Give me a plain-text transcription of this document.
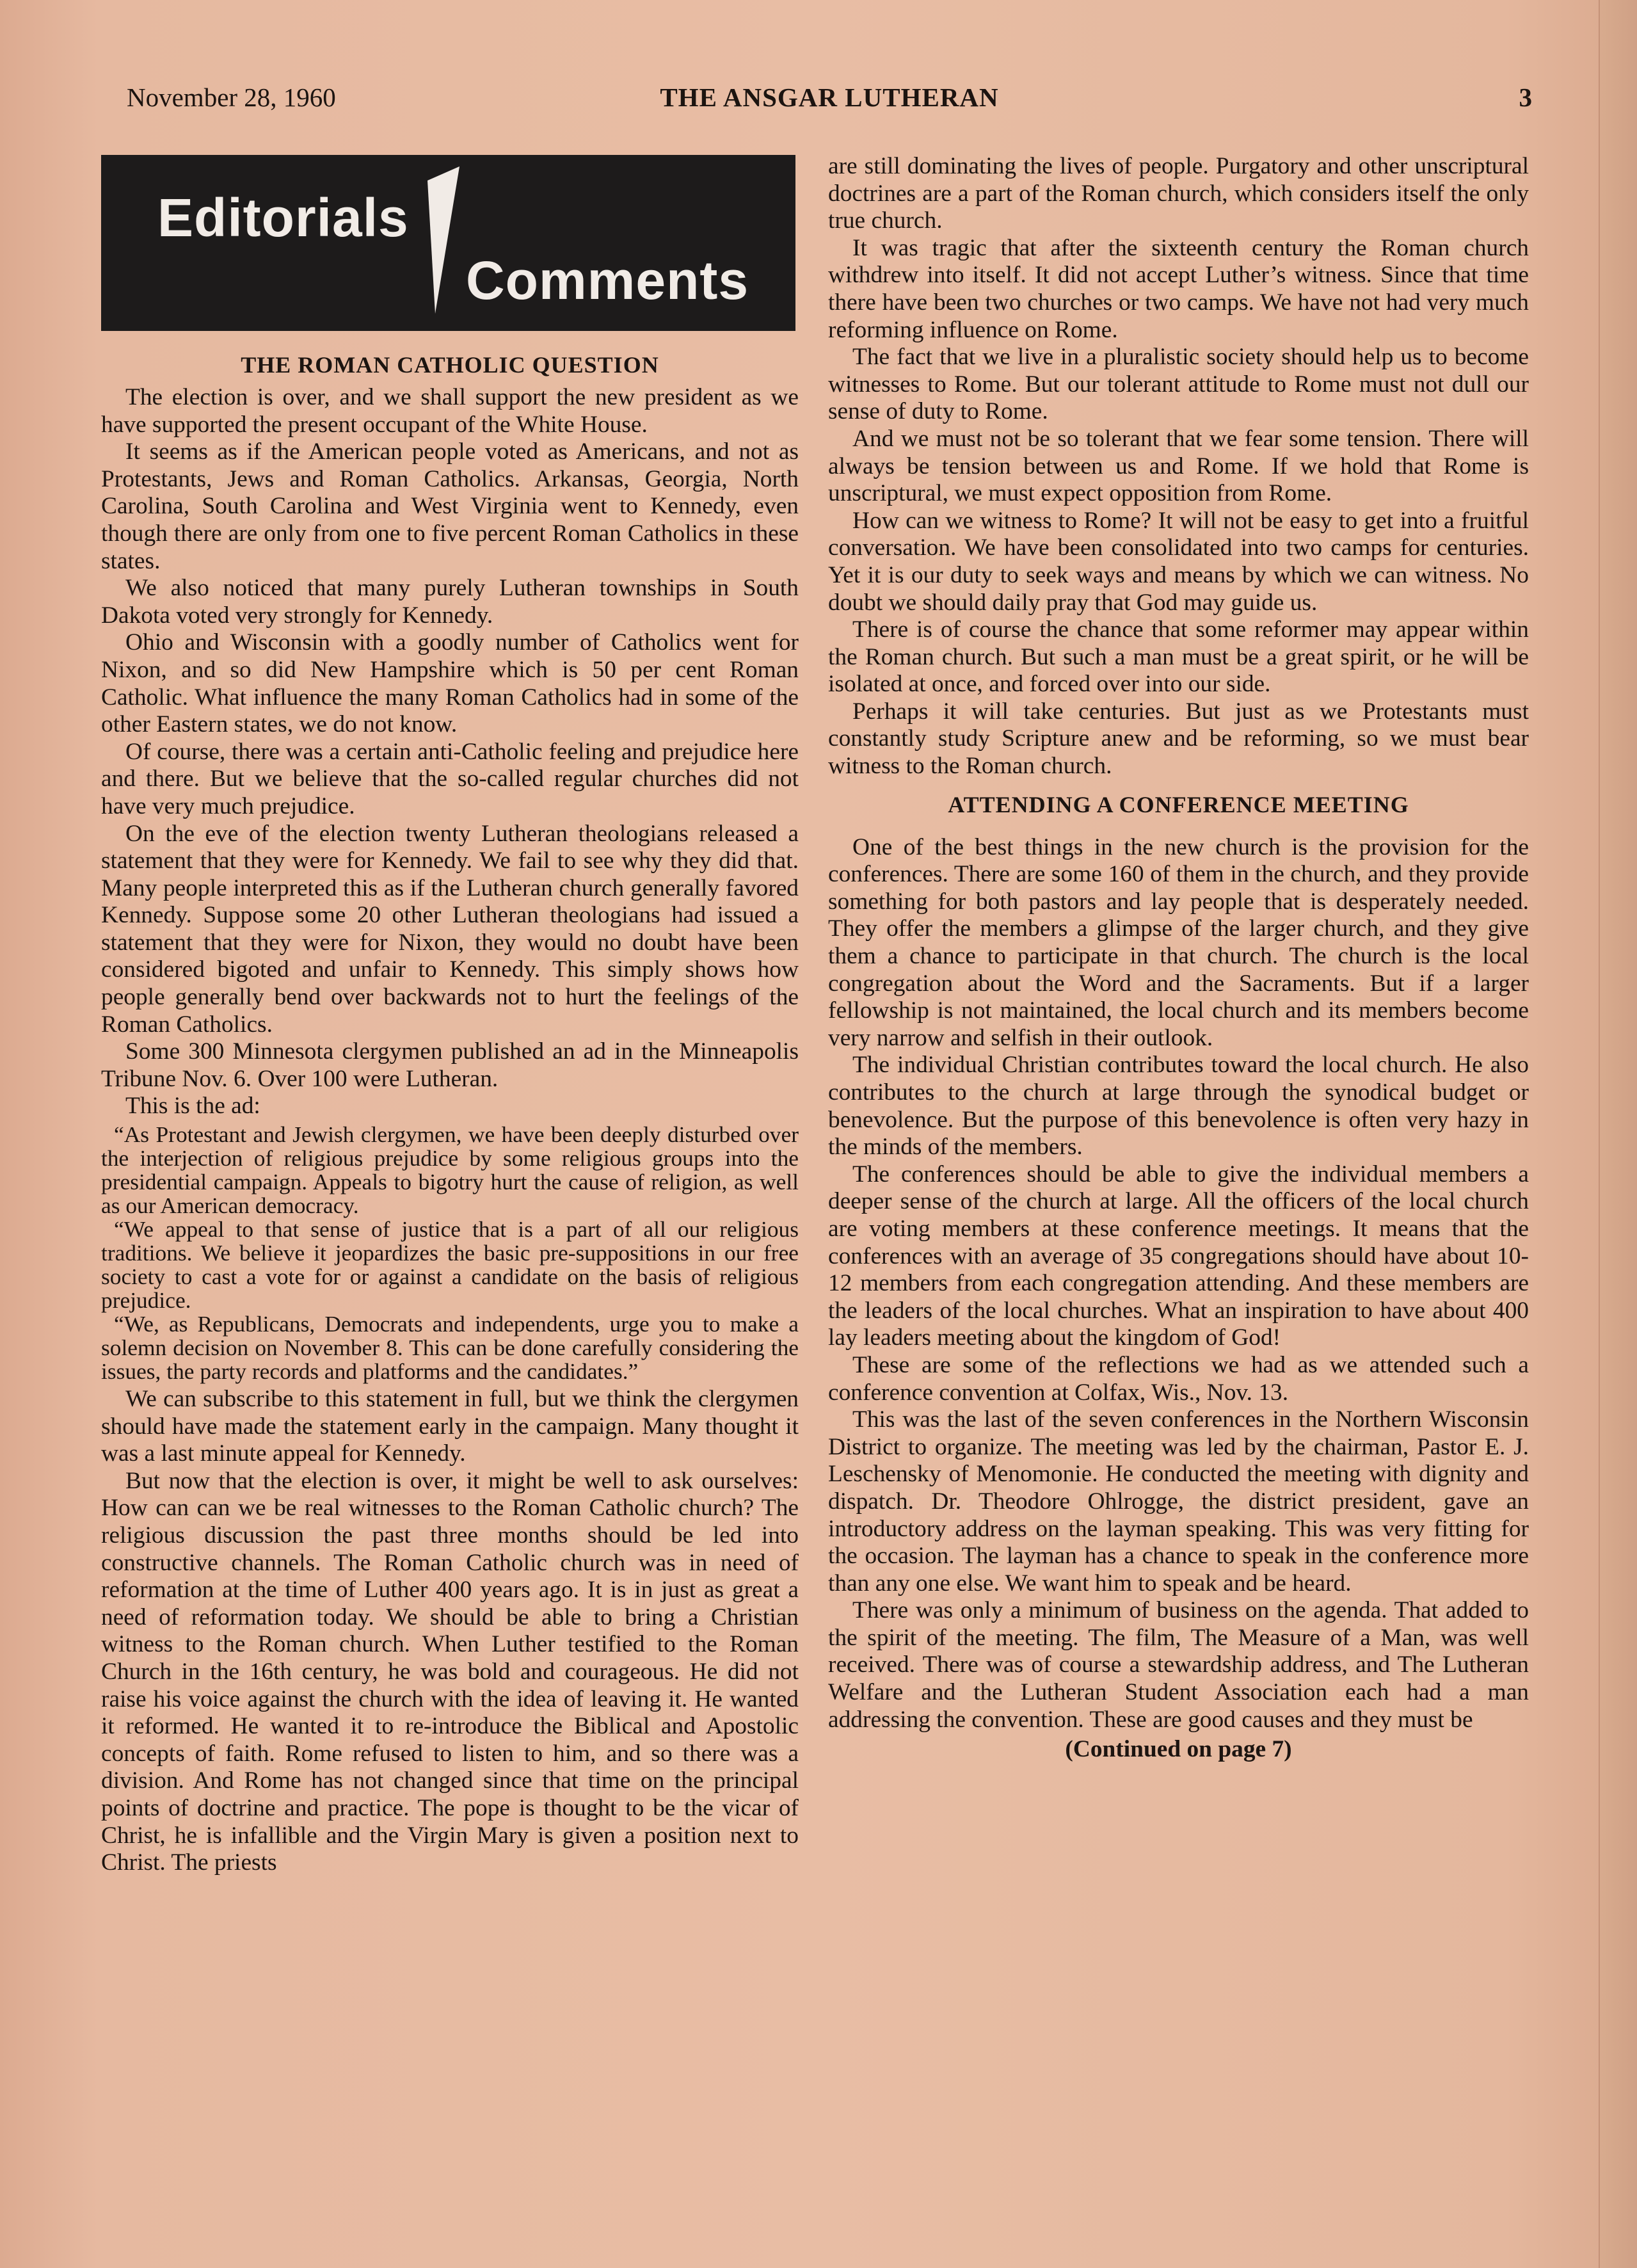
November 28, 1960	THE ANSGAR LUTHERAN	3
Editorials
Comments
THE ROMAN CATHOLIC QUESTION

The election is over, and we shall support the new president as we have supported the present occupant of the White House.

It seems as if the American people voted as Americans, and not as Protestants, Jews and Roman Catholics. Arkansas, Georgia, North Carolina, South Carolina and West Virginia went to Kennedy, even though there are only from one to five percent Roman Catholics in these states.

We also noticed that many purely Lutheran townships in South Dakota voted very strongly for Kennedy.

Ohio and Wisconsin with a goodly number of Catholics went for Nixon, and so did New Hampshire which is 50 per cent Roman Catholic. What influence the many Roman Catholics had in some of the other Eastern states, we do not know.

Of course, there was a certain anti-Catholic feeling and prejudice here and there. But we believe that the so-called regular churches did not have very much prejudice.

On the eve of the election twenty Lutheran theologians released a statement that they were for Kennedy. We fail to see why they did that. Many people interpreted this as if the Lutheran church generally favored Kennedy. Suppose some 20 other Lutheran theologians had issued a statement that they were for Nixon, they would no doubt have been considered bigoted and unfair to Kennedy. This simply shows how people generally bend over backwards not to hurt the feelings of the Roman Catholics.

Some 300 Minnesota clergymen published an ad in the Minneapolis Tribune Nov. 6. Over 100 were Lutheran.

This is the ad:

“As Protestant and Jewish clergymen, we have been deeply disturbed over the interjection of religious prejudice by some religious groups into the presidential campaign. Appeals to bigotry hurt the cause of religion, as well as our American democracy.

“We appeal to that sense of justice that is a part of all our religious traditions. We believe it jeopardizes the basic pre-suppositions in our free society to cast a vote for or against a candidate on the basis of religious prejudice.

“We, as Republicans, Democrats and independents, urge you to make a solemn decision on November 8. This can be done carefully considering the issues, the party records and platforms and the candidates.”

We can subscribe to this statement in full, but we think the clergymen should have made the statement early in the campaign. Many thought it was a last minute appeal for Kennedy.

But now that the election is over, it might be well to ask ourselves: How can can we be real witnesses to the Roman Catholic church? The religious discussion the past three months should be led into constructive channels. The Roman Catholic church was in need of reformation at the time of Luther 400 years ago. It is in just as great a need of reformation today. We should be able to bring a Christian witness to the Roman church. When Luther testified to the Roman Church in the 16th century, he was bold and courageous. He did not raise his voice against the church with the idea of leaving it. He wanted it reformed. He wanted it to re-introduce the Biblical and Apostolic concepts of faith. Rome refused to listen to him, and so there was a division. And Rome has not changed since that time on the principal points of doctrine and practice. The pope is thought to be the vicar of Christ, he is infallible and the Virgin Mary is given a position next to Christ. The priests

are still dominating the lives of people. Purgatory and other unscriptural doctrines are a part of the Roman church, which considers itself the only true church.

It was tragic that after the sixteenth century the Roman church withdrew into itself. It did not accept Luther’s witness. Since that time there have been two churches or two camps. We have not had very much reforming influence on Rome.

The fact that we live in a pluralistic society should help us to become witnesses to Rome. But our tolerant attitude to Rome must not dull our sense of duty to Rome.

And we must not be so tolerant that we fear some tension. There will always be tension between us and Rome. If we hold that Rome is unscriptural, we must expect opposition from Rome.

How can we witness to Rome? It will not be easy to get into a fruitful conversation. We have been consolidated into two camps for centuries. Yet it is our duty to seek ways and means by which we can witness. No doubt we should daily pray that God may guide us.

There is of course the chance that some reformer may appear within the Roman church. But such a man must be a great spirit, or he will be isolated at once, and forced over into our side.

Perhaps it will take centuries. But just as we Protestants must constantly study Scripture anew and be reforming, so we must bear witness to the Roman church.

ATTENDING A CONFERENCE MEETING

One of the best things in the new church is the provision for the conferences. There are some 160 of them in the church, and they provide something for both pastors and lay people that is desperately needed. They offer the members a glimpse of the larger church, and they give them a chance to participate in that church. The church is the local congregation about the Word and the Sacraments. But if a larger fellowship is not maintained, the local church and its members become very narrow and selfish in their outlook.

The individual Christian contributes toward the local church. He also contributes to the church at large through the synodical budget or benevolence. But the purpose of this benevolence is often very hazy in the minds of the members.

The conferences should be able to give the individual members a deeper sense of the church at large. All the officers of the local church are voting members at these conference meetings. It means that the conferences with an average of 35 congregations should have about 10-12 members from each congregation attending. And these members are the leaders of the local churches. What an inspiration to have about 400 lay leaders meeting about the kingdom of God!

These are some of the reflections we had as we attended such a conference convention at Colfax, Wis., Nov. 13.

This was the last of the seven conferences in the Northern Wisconsin District to organize. The meeting was led by the chairman, Pastor E. J. Leschensky of Menomonie. He conducted the meeting with dignity and dispatch. Dr. Theodore Ohlrogge, the district president, gave an introductory address on the layman speaking. This was very fitting for the occasion. The layman has a chance to speak in the conference more than any one else. We want him to speak and be heard.

There was only a minimum of business on the agenda. That added to the spirit of the meeting. The film, The Measure of a Man, was well received. There was of course a stewardship address, and The Lutheran Welfare and the Lutheran Student Association each had a man addressing the convention. These are good causes and they must be

(Continued on page 7)
